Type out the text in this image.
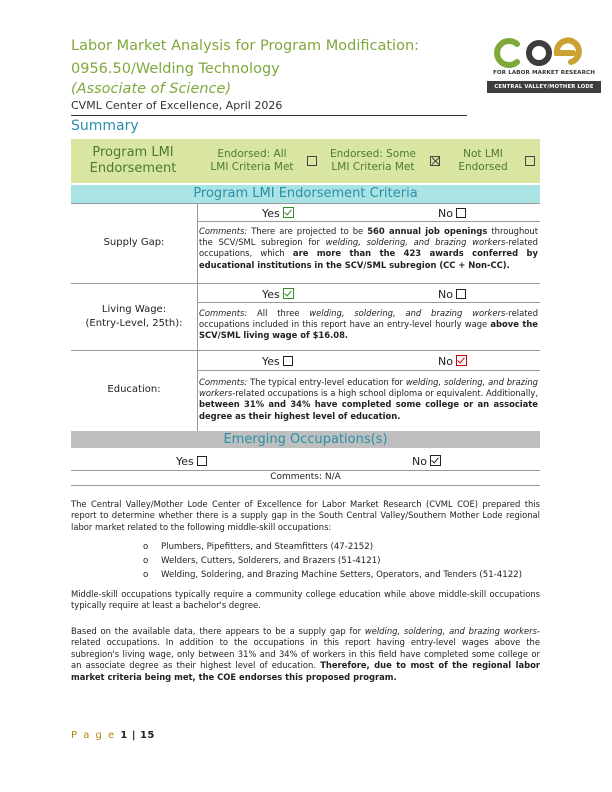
Labor Market Analysis for Program Modification:
0956.50/Welding Technology
(Associate of Science)
CVML Center of Excellence, April 2026
Summary
FOR LABOR MARKET RESEARCH
CENTRAL VALLEY/MOTHER LODE
Program LMI
Endorsement
Endorsed: All
LMI Criteria Met
Endorsed: Some
LMI Criteria Met
Not LMI
Endorsed
Program LMI Endorsement Criteria
Supply Gap:
Yes	No
Comments: There are projected to be 560 annual job openings throughout the SCV/SML subregion for welding, soldering, and brazing workers-related occupations, which are more than the 423 awards conferred by educational institutions in the SCV/SML subregion (CC + Non-CC).
Living Wage:
(Entry-Level, 25th):
Yes	No
Comments: All three welding, soldering, and brazing workers-related occupations included in this report have an entry-level hourly wage above the SCV/SML living wage of $16.08.
Education:
Yes	No
Comments: The typical entry-level education for welding, soldering, and brazing workers-related occupations is a high school diploma or equivalent. Additionally, between 31% and 34% have completed some college or an associate degree as their highest level of education.
Emerging Occupations(s)
Yes	No
Comments: N/A
The Central Valley/Mother Lode Center of Excellence for Labor Market Research (CVML COE) prepared this report to determine whether there is a supply gap in the South Central Valley/Southern Mother Lode regional labor market related to the following middle-skill occupations:
o Plumbers, Pipefitters, and Steamfitters (47-2152)
o Welders, Cutters, Solderers, and Brazers (51-4121)
o Welding, Soldering, and Brazing Machine Setters, Operators, and Tenders (51-4122)
Middle-skill occupations typically require a community college education while above middle-skill occupations typically require at least a bachelor's degree.
Based on the available data, there appears to be a supply gap for welding, soldering, and brazing workers-related occupations. In addition to the occupations in this report having entry-level wages above the subregion's living wage, only between 31% and 34% of workers in this field have completed some college or an associate degree as their highest level of education. Therefore, due to most of the regional labor market criteria being met, the COE endorses this proposed program.
P a g e 1 | 15
